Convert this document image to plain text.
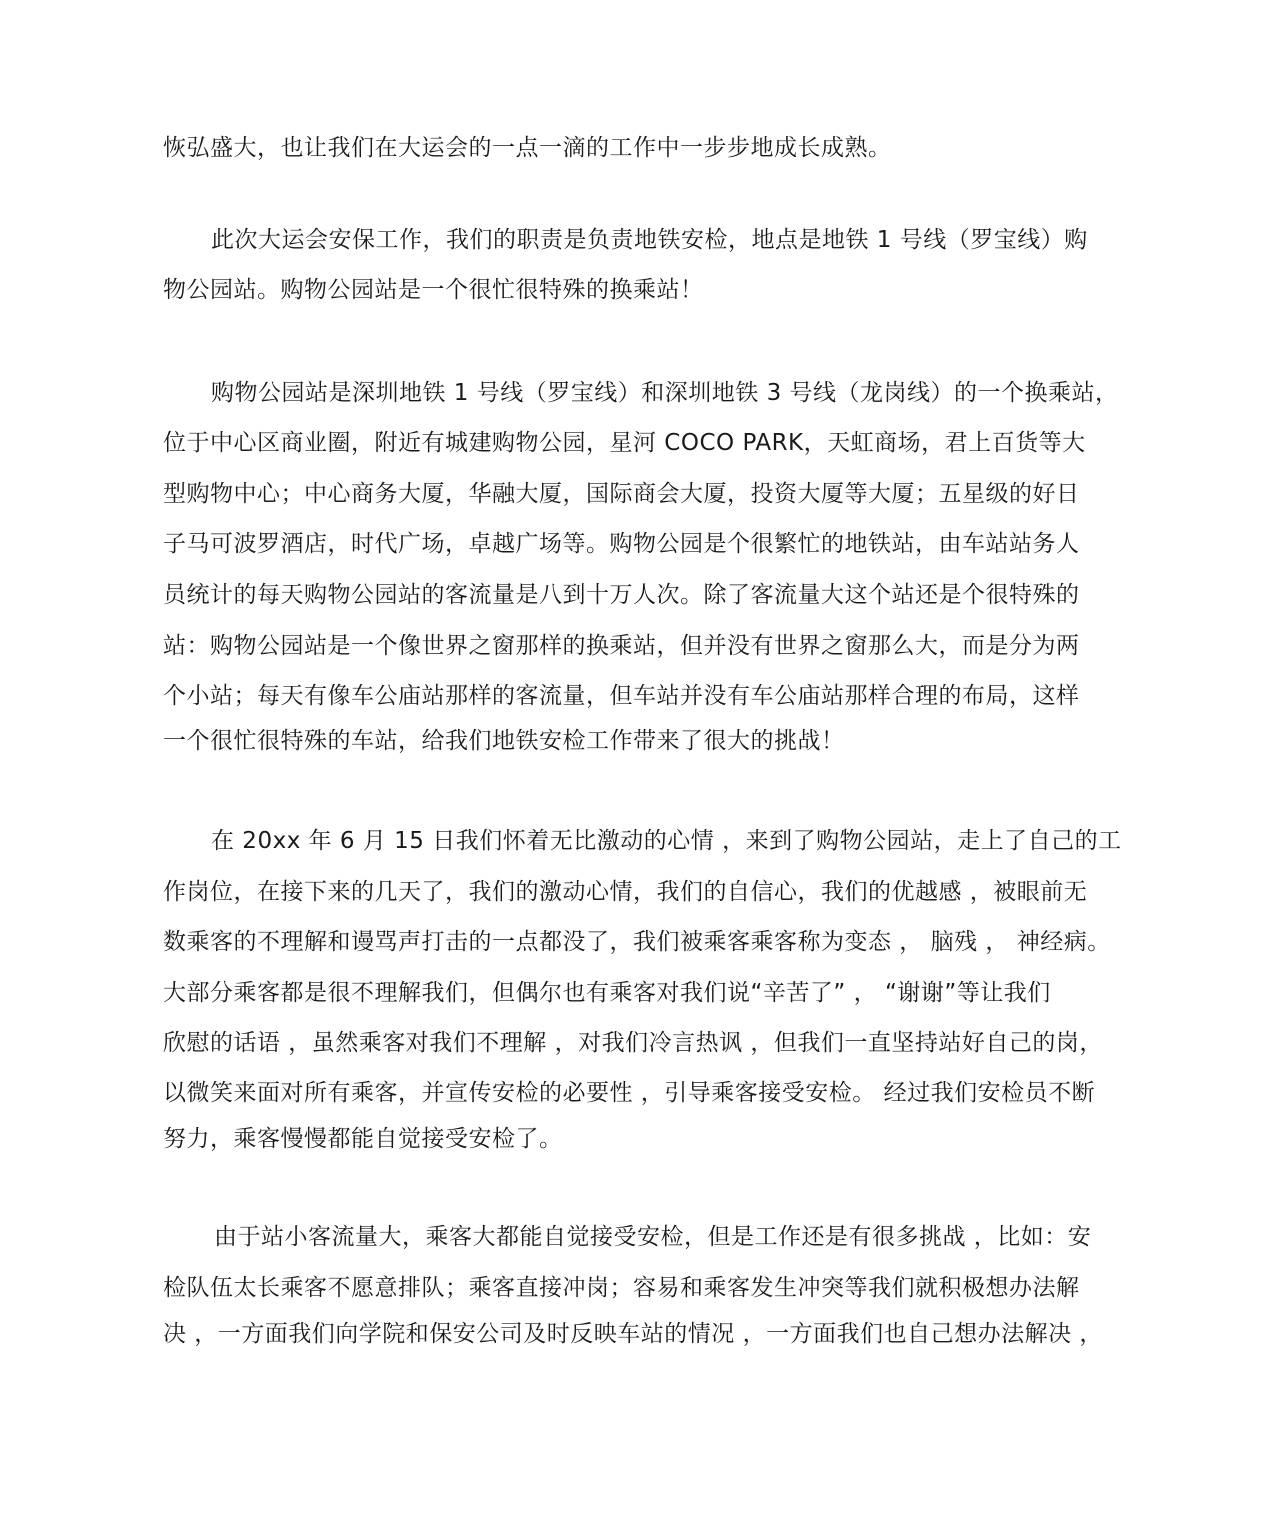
恢弘盛大，也让我们在大运会的一点一滴的工作中一步步地成长成熟。
此次大运会安保工作，我们的职责是负责地铁安检，地点是地铁 1 号线（罗宝线）购
物公园站。购物公园站是一个很忙很特殊的换乘站！
购物公园站是深圳地铁 1 号线（罗宝线）和深圳地铁 3 号线（龙岗线）的一个换乘站，
位于中心区商业圈，附近有城建购物公园，星河 COCO PARK，天虹商场，君上百货等大
型购物中心；中心商务大厦，华融大厦，国际商会大厦，投资大厦等大厦；五星级的好日
子马可波罗酒店，时代广场，卓越广场等。购物公园是个很繁忙的地铁站，由车站站务人
员统计的每天购物公园站的客流量是八到十万人次。除了客流量大这个站还是个很特殊的
站：购物公园站是一个像世界之窗那样的换乘站，但并没有世界之窗那么大，而是分为两
个小站；每天有像车公庙站那样的客流量，但车站并没有车公庙站那样合理的布局，这样
一个很忙很特殊的车站，给我们地铁安检工作带来了很大的挑战！
在 20xx 年 6 月 15 日我们怀着无比激动的心情 ，来到了购物公园站，走上了自己的工
作岗位，在接下来的几天了，我们的激动心情，我们的自信心，我们的优越感 ，被眼前无
数乘客的不理解和谩骂声打击的一点都没了，我们被乘客乘客称为变态 ， 脑残 ， 神经病。
大部分乘客都是很不理解我们，但偶尔也有乘客对我们说“辛苦了” ， “谢谢”等让我们
欣慰的话语 ，虽然乘客对我们不理解 ，对我们冷言热讽 ，但我们一直坚持站好自己的岗，
以微笑来面对所有乘客，并宣传安检的必要性 ，引导乘客接受安检。 经过我们安检员不断
努力，乘客慢慢都能自觉接受安检了。
由于站小客流量大，乘客大都能自觉接受安检，但是工作还是有很多挑战 ，比如：安
检队伍太长乘客不愿意排队；乘客直接冲岗；容易和乘客发生冲突等我们就积极想办法解
决 ，一方面我们向学院和保安公司及时反映车站的情况 ，一方面我们也自己想办法解决 ，
